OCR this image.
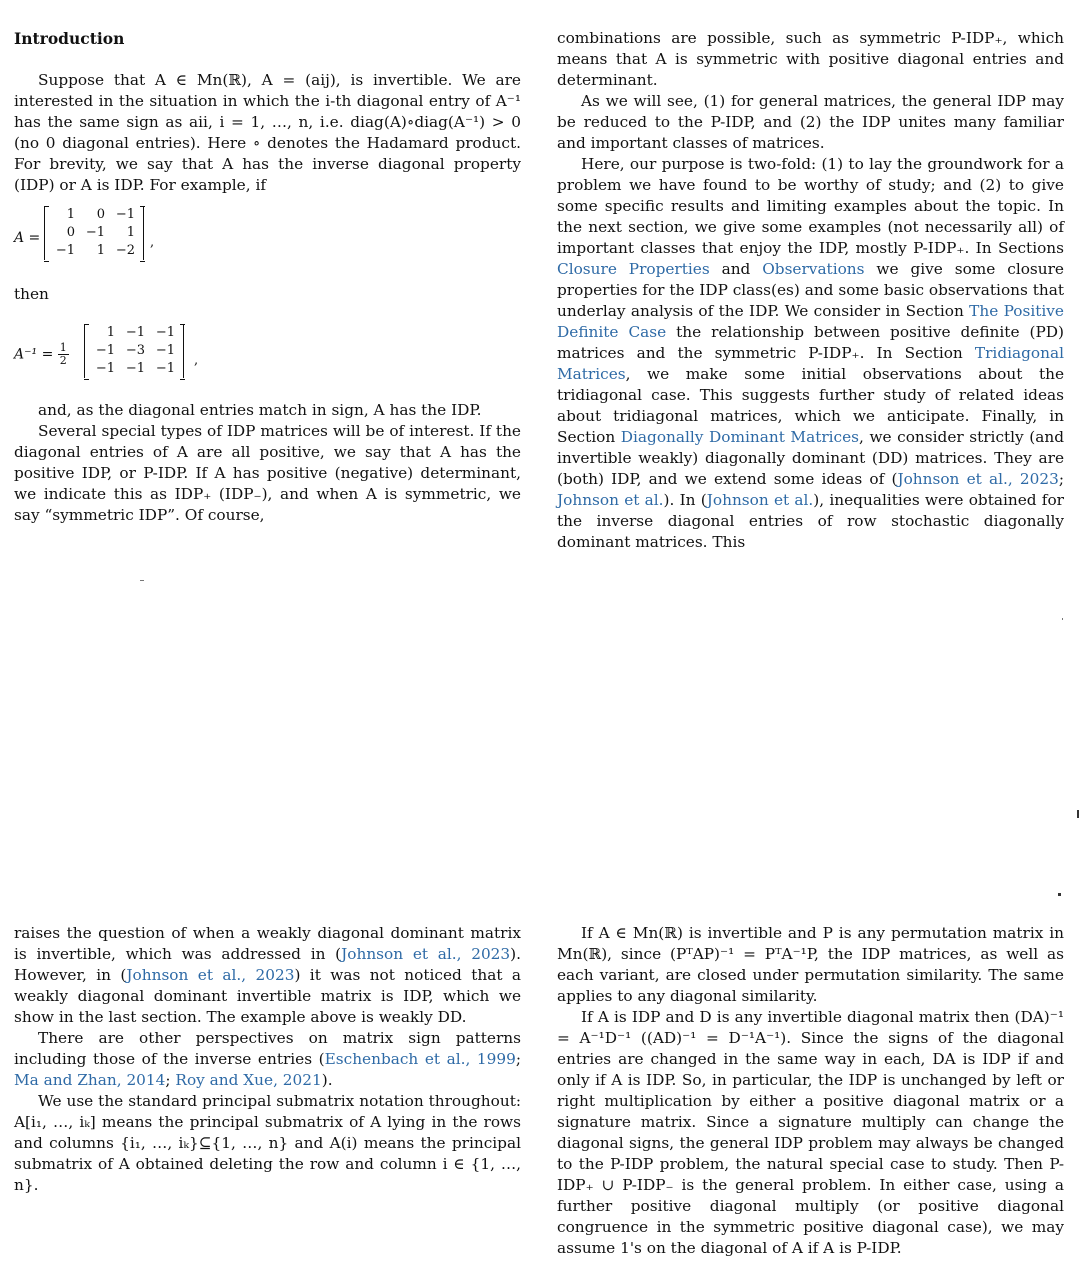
Introduction

Suppose that A ∈ Mn(ℝ), A = (aij), is invertible. We are interested in the situation in which the i-th diagonal entry of A⁻¹ has the same sign as aii, i = 1, …, n, i.e. diag(A)∘diag(A⁻¹) > 0 (no 0 diagonal entries). Here ∘ denotes the Hadamard product. For brevity, we say that A has the inverse diagonal property (IDP) or A is IDP. For example, if

A =
1	0 −1
0 −1	1
−1	1 −2
,

then

$A^{-1} = \frac{1}{2}$
1 −1 −1
−1 −3 −1
−1 −1 −1
,

and, as the diagonal entries match in sign, A has the IDP.

Several special types of IDP matrices will be of interest. If the diagonal entries of A are all positive, we say that A has the positive IDP, or P-IDP. If A has positive (negative) determinant, we indicate this as IDP₊ (IDP₋), and when A is symmetric, we say “symmetric IDP”. Of course,

combinations are possible, such as symmetric P-IDP₊, which means that A is symmetric with positive diagonal entries and determinant.

As we will see, (1) for general matrices, the general IDP may be reduced to the P-IDP, and (2) the IDP unites many familiar and important classes of matrices.

Here, our purpose is two-fold: (1) to lay the groundwork for a problem we have found to be worthy of study; and (2) to give some specific results and limiting examples about the topic. In the next section, we give some examples (not necessarily all) of important classes that enjoy the IDP, mostly P-IDP₊. In Sections Closure Properties and Observations we give some closure properties for the IDP class(es) and some basic observations that underlay analysis of the IDP. We consider in Section The Positive Definite Case the relationship between positive definite (PD) matrices and the symmetric P-IDP₊. In Section Tridiagonal Matrices, we make some initial observations about the tridiagonal case. This suggests further study of related ideas about tridiagonal matrices, which we anticipate. Finally, in Section Diagonally Dominant Matrices, we consider strictly (and invertible weakly) diagonally dominant (DD) matrices. They are (both) IDP, and we extend some ideas of (Johnson et al., 2023; Johnson et al.). In (Johnson et al.), inequalities were obtained for the inverse diagonal entries of row stochastic diagonally dominant matrices. This

raises the question of when a weakly diagonal dominant matrix is invertible, which was addressed in (Johnson et al., 2023). However, in (Johnson et al., 2023) it was not noticed that a weakly diagonal dominant invertible matrix is IDP, which we show in the last section. The example above is weakly DD.

There are other perspectives on matrix sign patterns including those of the inverse entries (Eschenbach et al., 1999; Ma and Zhan, 2014; Roy and Xue, 2021).

We use the standard principal submatrix notation throughout: A[i₁, …, iₖ] means the principal submatrix of A lying in the rows and columns {i₁, …, iₖ}⊆{1, …, n} and A(i) means the principal submatrix of A obtained deleting the row and column i ∈ {1, …, n}.

If A ∈ Mn(ℝ) is invertible and P is any permutation matrix in Mn(ℝ), since (PᵀAP)⁻¹ = PᵀA⁻¹P, the IDP matrices, as well as each variant, are closed under permutation similarity. The same applies to any diagonal similarity.

If A is IDP and D is any invertible diagonal matrix then (DA)⁻¹ = A⁻¹D⁻¹ ((AD)⁻¹ = D⁻¹A⁻¹). Since the signs of the diagonal entries are changed in the same way in each, DA is IDP if and only if A is IDP. So, in particular, the IDP is unchanged by left or right multiplication by either a positive diagonal matrix or a signature matrix. Since a signature multiply can change the diagonal signs, the general IDP problem may always be changed to the P-IDP problem, the natural special case to study. Then P-IDP₊ ∪ P-IDP₋ is the general problem. In either case, using a further positive diagonal multiply (or positive diagonal congruence in the symmetric positive diagonal case), we may assume 1's on the diagonal of A if A is P-IDP.
